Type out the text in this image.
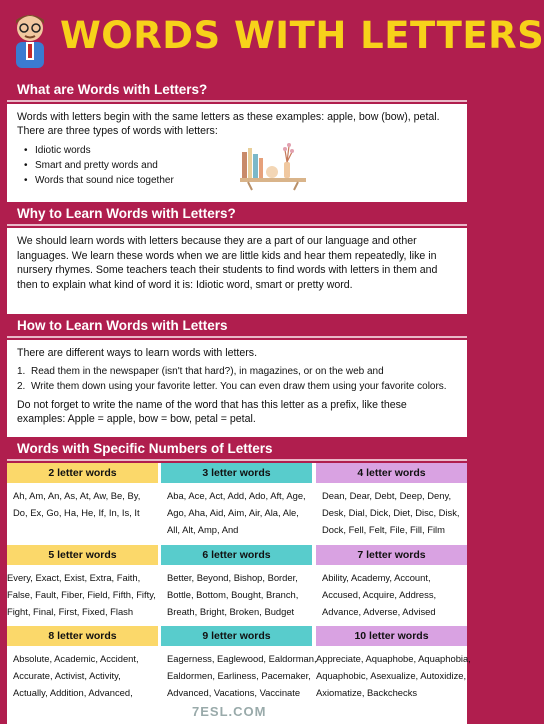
WORDS WITH LETTERS
What are Words with Letters?

Words with letters begin with the same letters as these examples: apple, bow (bow), petal. There are three types of words with letters:

• Idiotic words
• Smart and pretty words and
• Words that sound nice together
Why to Learn Words with Letters?

We should learn words with letters because they are a part of our language and other languages. We learn these words when we are little kids and hear them repeatedly, like in nursery rhymes. Some teachers teach their students to find words with letters in them and then to explain what kind of word it is: Idiotic word, smart or pretty word.

How to Learn Words with Letters

There are different ways to learn words with letters.

1. Read them in the newspaper (isn't that hard?), in magazines, or on the web and
2. Write them down using your favorite letter. You can even draw them using your favorite colors.

Do not forget to write the name of the word that has this letter as a prefix, like these examples: Apple = apple, bow = bow, petal = petal.

Words with Specific Numbers of Letters
2 letter words

Ah, Am, An, As, At, Aw, Be, By,

Do, Ex, Go, Ha, He, If, In, Is, It

3 letter words

Aba, Ace, Act, Add, Ado, Aft, Age,

Ago, Aha, Aid, Aim, Air, Ala, Ale,

All, Alt, Amp, And

4 letter words

Dean, Dear, Debt, Deep, Deny,

Desk, Dial, Dick, Diet, Disc, Disk,

Dock, Fell, Felt, File, Fill, Film

5 letter words

Every, Exact, Exist, Extra, Faith,

False, Fault, Fiber, Field, Fifth, Fifty,

Fight, Final, First, Fixed, Flash

6 letter words

Better, Beyond, Bishop, Border,

Bottle, Bottom, Bought, Branch,

Breath, Bright, Broken, Budget

7 letter words

Ability, Academy, Account,

Accused, Acquire, Address,

Advance, Adverse, Advised

8 letter words

Absolute, Academic, Accident,

Accurate, Activist, Activity,

Actually, Addition, Advanced,

9 letter words

Eagerness, Eaglewood, Ealdorman,

Ealdormen, Earliness, Pacemaker,

Advanced, Vacations, Vaccinate

10 letter words

Appreciate, Aquaphobe, Aquaphobia,

Aquaphobic, Asexualize, Autoxidize,

Axiomatize, Backchecks

7ESL.COM
